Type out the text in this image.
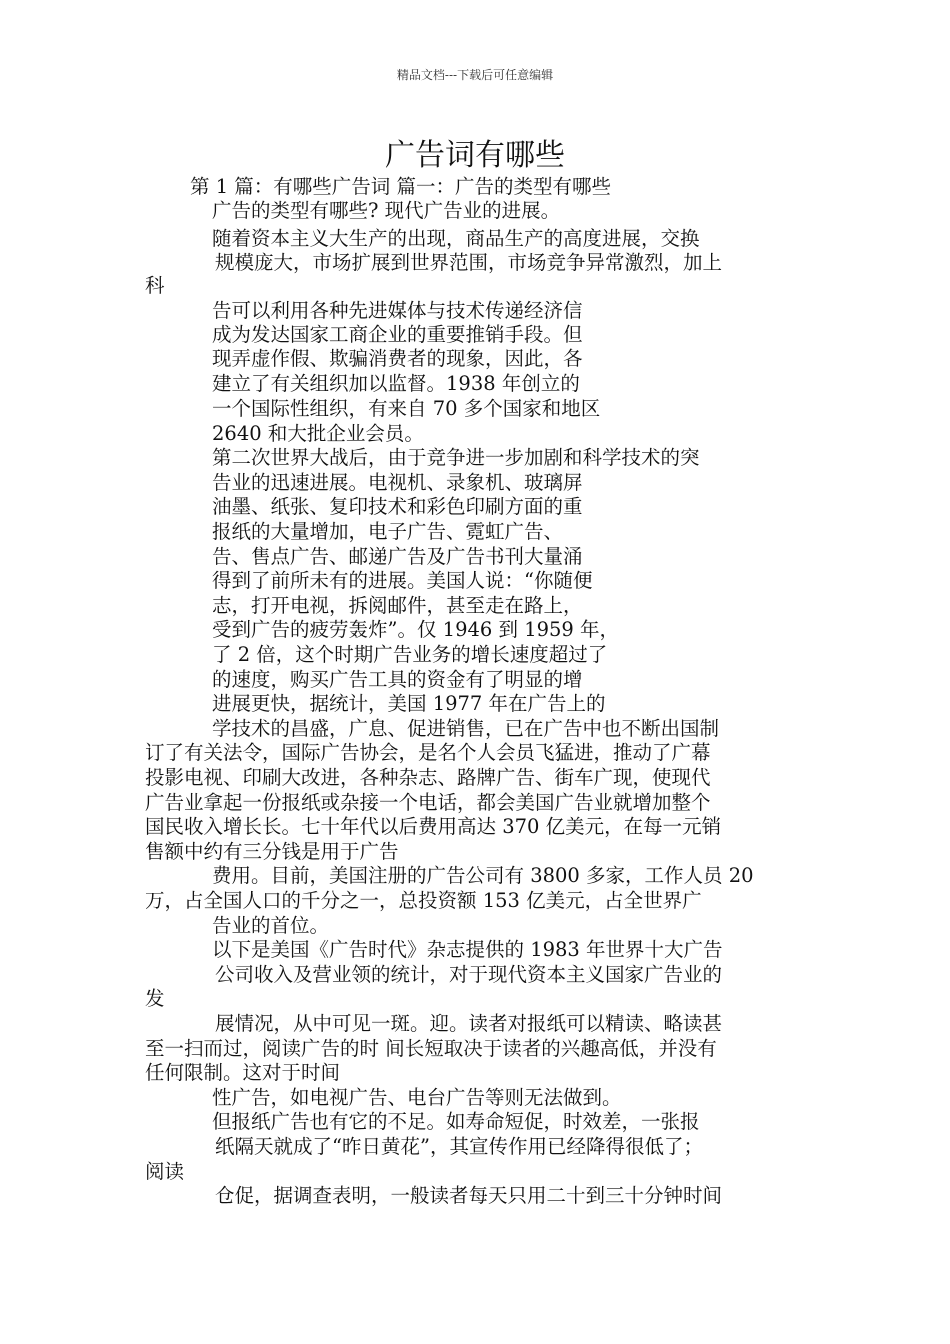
精品文档---下载后可任意编辑
广告词有哪些
第 1 篇：有哪些广告词 篇一：广告的类型有哪些
广告的类型有哪些? 现代广告业的进展。
随着资本主义大生产的出现，商品生产的高度进展，交换
规模庞大，市场扩展到世界范围，市场竞争异常激烈，加上
科
告可以利用各种先进媒体与技术传递经济信
成为发达国家工商企业的重要推销手段。但
现弄虚作假、欺骗消费者的现象，因此，各
建立了有关组织加以监督。1938 年创立的
一个国际性组织，有来自 70 多个国家和地区
2640 和大批企业会员。
第二次世界大战后，由于竞争进一步加剧和科学技术的突
告业的迅速进展。电视机、录象机、玻璃屏
油墨、纸张、复印技术和彩色印刷方面的重
报纸的大量增加，电子广告、霓虹广告、
告、售点广告、邮递广告及广告书刊大量涌
得到了前所未有的进展。美国人说：“你随便
志，打开电视，拆阅邮件，甚至走在路上，
受到广告的疲劳轰炸”。仅 1946 到 1959 年，
了 2 倍，这个时期广告业务的增长速度超过了
的速度，购买广告工具的资金有了明显的增
进展更快，据统计，美国 1977 年在广告上的
学技术的昌盛，广息、促进销售，已在广告中也不断出国制
订了有关法令，国际广告协会，是名个人会员飞猛进，推动了广幕
投影电视、印刷大改进，各种杂志、路牌广告、街车广现，使现代
广告业拿起一份报纸或杂接一个电话，都会美国广告业就增加整个
国民收入增长长。七十年代以后费用高达 370 亿美元，在每一元销
售额中约有三分钱是用于广告
费用。目前，美国注册的广告公司有 3800 多家，工作人员 20
万，占全国人口的千分之一，总投资额 153 亿美元，占全世界广
告业的首位。
以下是美国《广告时代》杂志提供的 1983 年世界十大广告
公司收入及营业领的统计，对于现代资本主义国家广告业的
发
展情况，从中可见一斑。迎。读者对报纸可以精读、略读甚
至一扫而过，阅读广告的时 间长短取决于读者的兴趣高低，并没有
任何限制。这对于时间
性广告，如电视广告、电台广告等则无法做到。
但报纸广告也有它的不足。如寿命短促，时效差，一张报
纸隔天就成了“昨日黄花”，其宣传作用已经降得很低了；
阅读
仓促，据调查表明，一般读者每天只用二十到三十分钟时间
